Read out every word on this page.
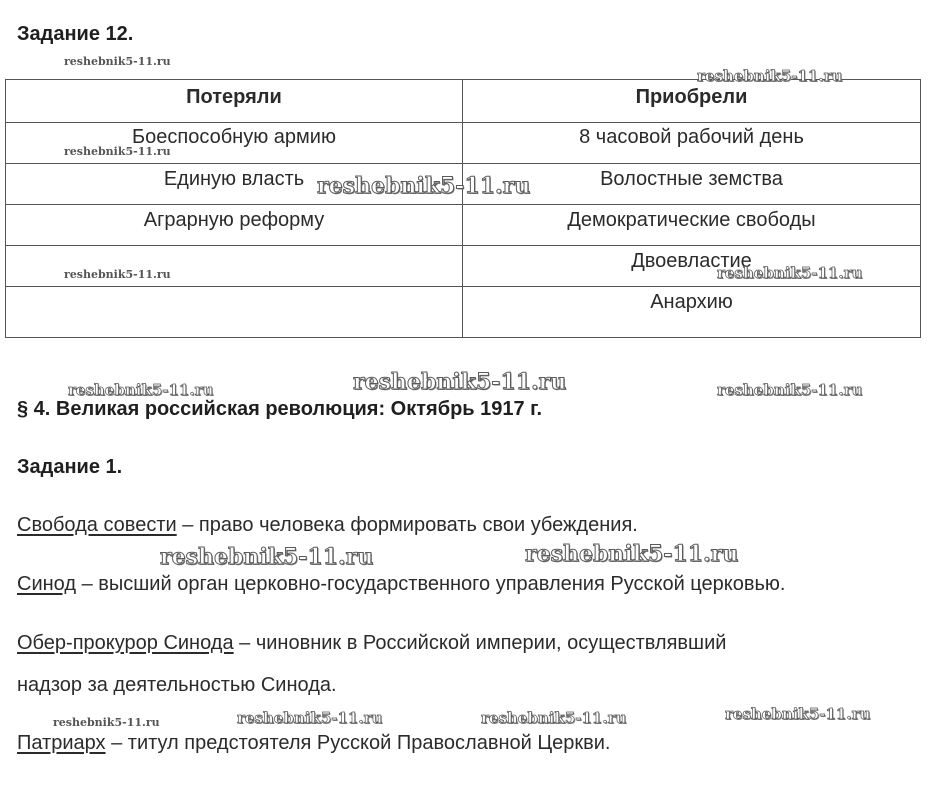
Задание 12.
Потеряли	Приобрели
Боеспособную армию	8 часовой рабочий день
Единую власть	Волостные земства
Аграрную реформу	Демократические свободы
	Двоевластие
	Анархию
§ 4. Великая российская революция: Октябрь 1917 г.
Задание 1.

Свобода совести – право человека формировать свои убеждения.

Синод – высший орган церковно-государственного управления Русской церковью.

Обер-прокурор Синода – чиновник в Российской империи, осуществлявший

надзор за деятельностью Синода.

Патриарх – титул предстоятеля Русской Православной Церкви.

reshebnik5-11.ru
reshebnik5-11.ru
reshebnik5-11.ru
reshebnik5-11.ru
reshebnik5-11.ru	reshebnik5-11.ru
reshebnik5-11.ru	reshebnik5-11.ru	reshebnik5-11.ru
reshebnik5-11.ru	reshebnik5-11.ru
reshebnik5-11.ru	reshebnik5-11.ru	reshebnik5-11.ru	reshebnik5-11.ru
